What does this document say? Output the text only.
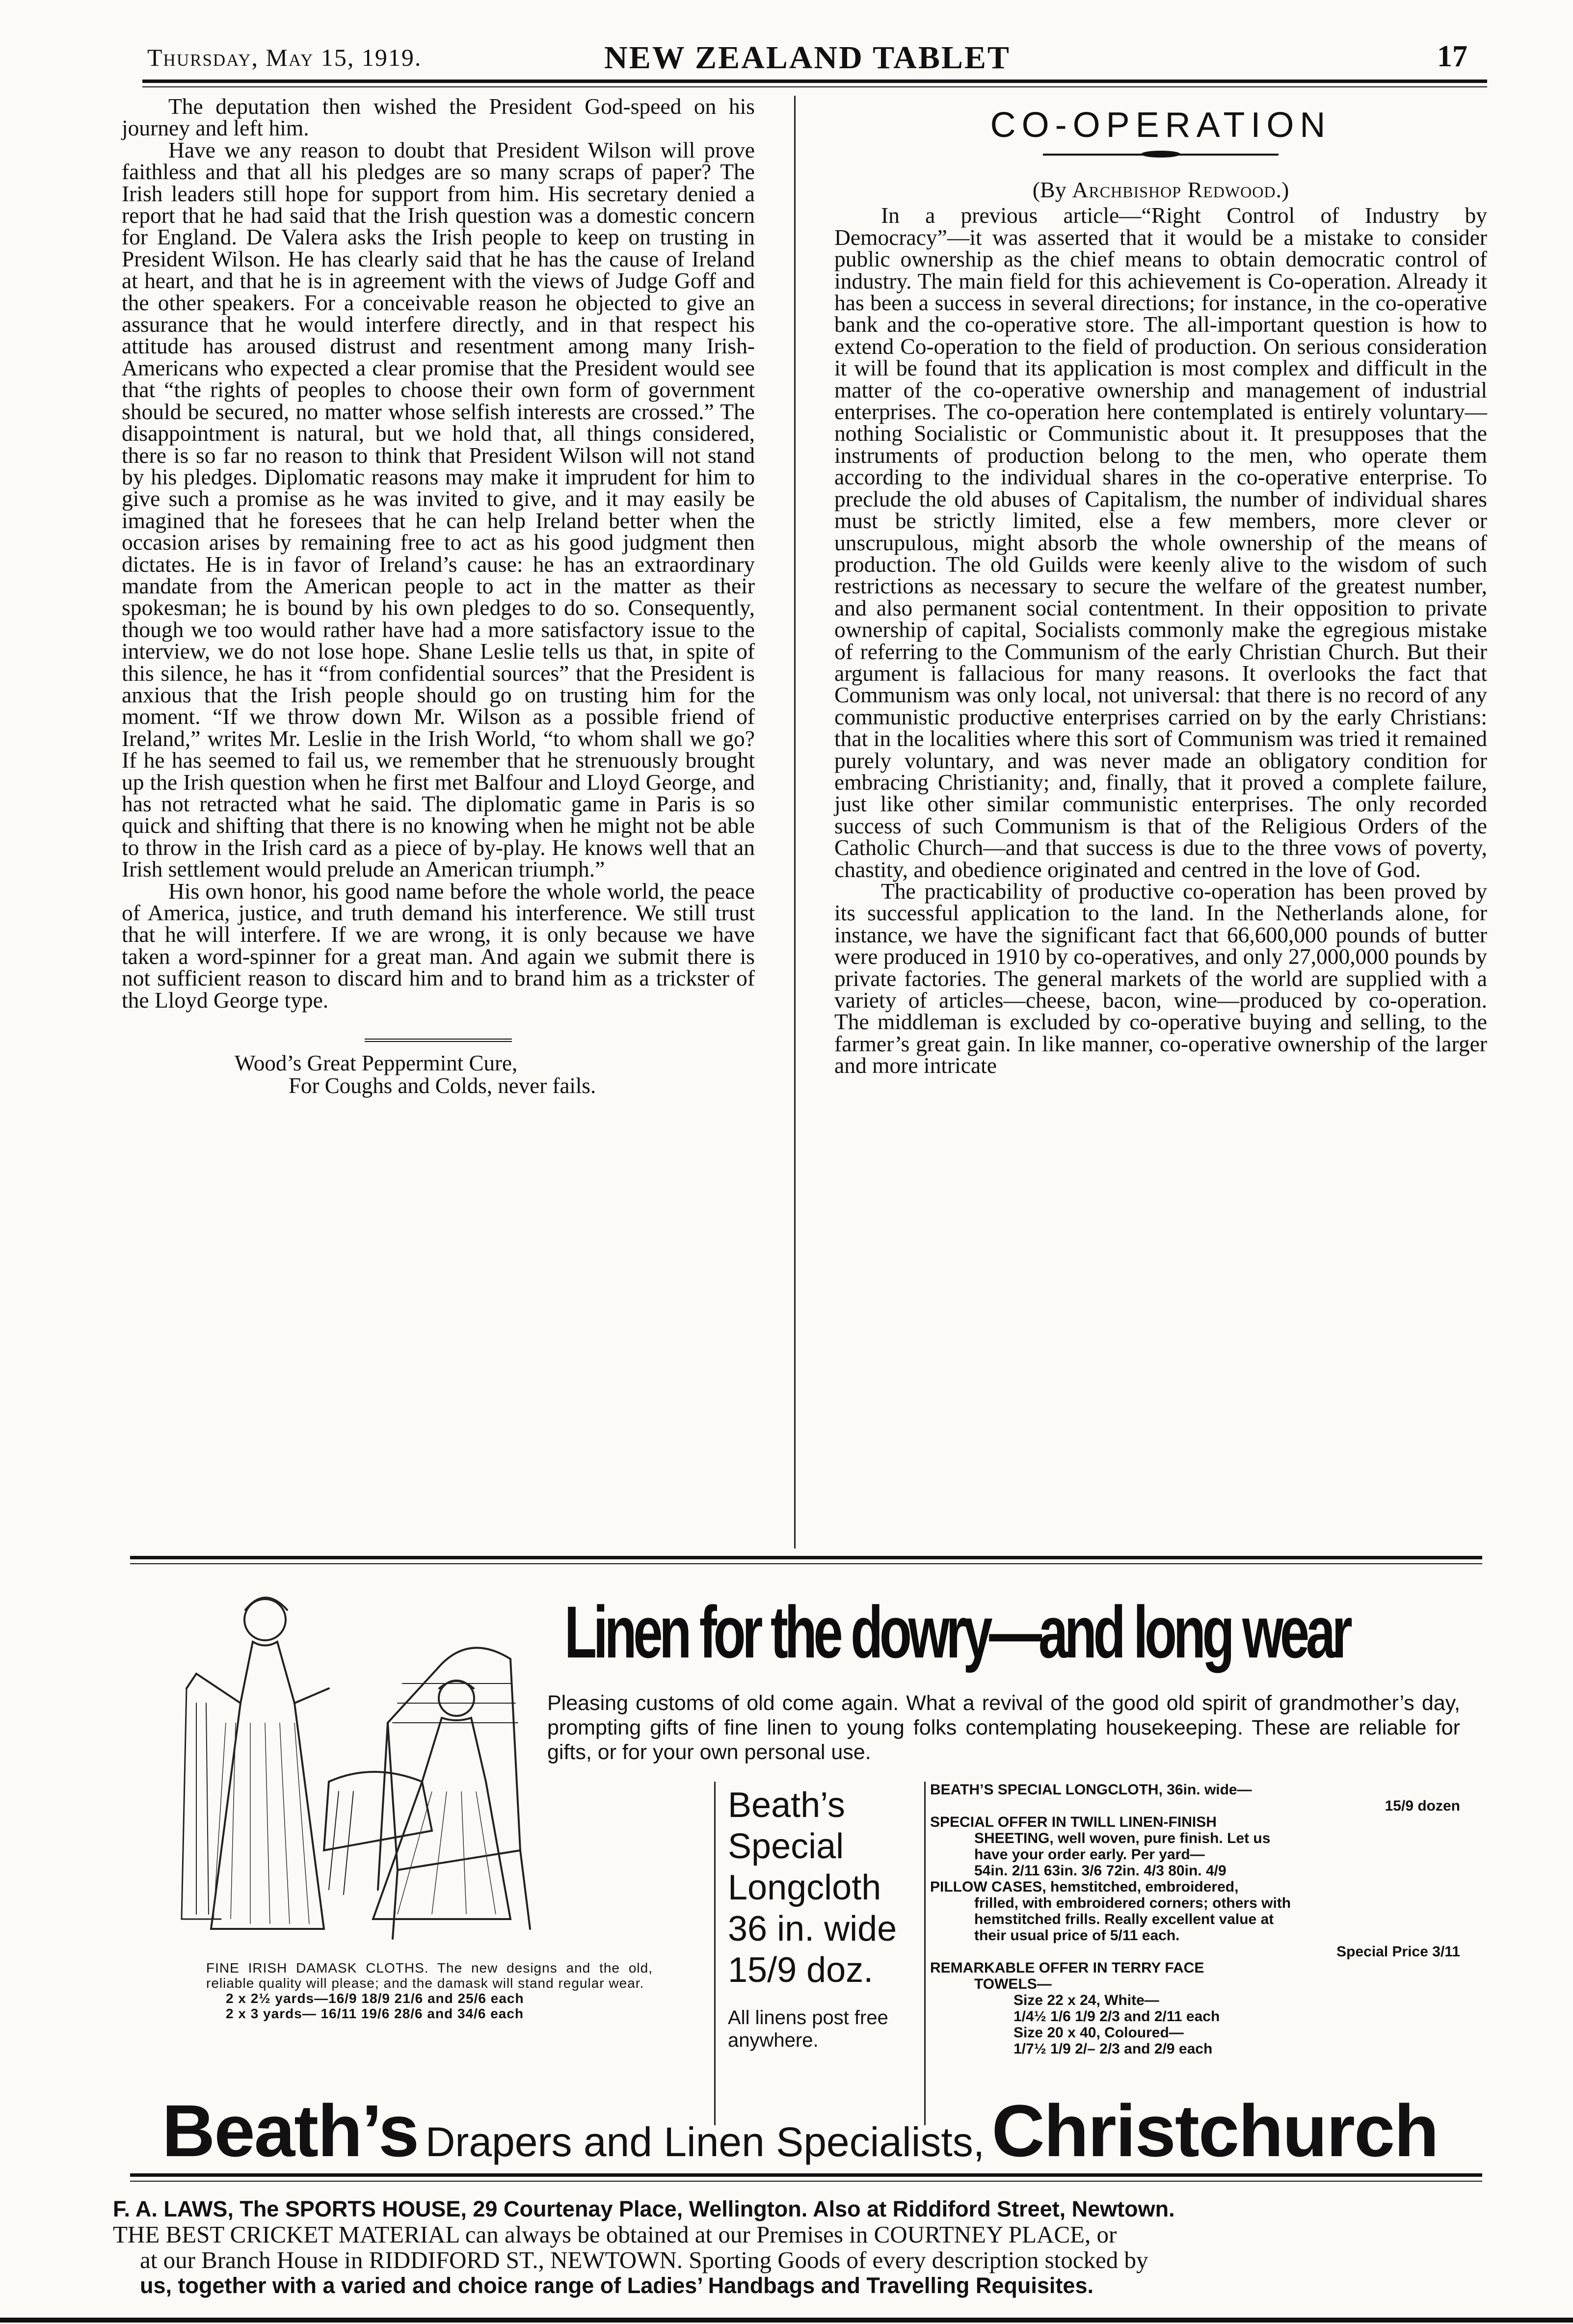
Thursday, May 15, 1919.	NEW ZEALAND TABLET	17

The deputation then wished the President God-speed on his journey and left him.

Have we any reason to doubt that President Wilson will prove faithless and that all his pledges are so many scraps of paper? The Irish leaders still hope for support from him. His secretary denied a report that he had said that the Irish question was a domestic concern for England. De Valera asks the Irish people to keep on trusting in President Wilson. He has clearly said that he has the cause of Ireland at heart, and that he is in agreement with the views of Judge Goff and the other speakers. For a conceivable reason he objected to give an assurance that he would interfere directly, and in that respect his attitude has aroused distrust and resentment among many Irish-Americans who expected a clear promise that the President would see that “the rights of peoples to choose their own form of government should be secured, no matter whose selfish interests are crossed.” The disappointment is natural, but we hold that, all things considered, there is so far no reason to think that President Wilson will not stand by his pledges. Diplomatic reasons may make it imprudent for him to give such a promise as he was invited to give, and it may easily be imagined that he foresees that he can help Ireland better when the occasion arises by remaining free to act as his good judgment then dictates. He is in favor of Ireland’s cause: he has an extraordinary mandate from the American people to act in the matter as their spokesman; he is bound by his own pledges to do so. Consequently, though we too would rather have had a more satisfactory issue to the interview, we do not lose hope. Shane Leslie tells us that, in spite of this silence, he has it “from confidential sources” that the President is anxious that the Irish people should go on trusting him for the moment. “If we throw down Mr. Wilson as a possible friend of Ireland,” writes Mr. Leslie in the Irish World, “to whom shall we go? If he has seemed to fail us, we remember that he strenuously brought up the Irish question when he first met Balfour and Lloyd George, and has not retracted what he said. The diplomatic game in Paris is so quick and shifting that there is no knowing when he might not be able to throw in the Irish card as a piece of by-play. He knows well that an Irish settlement would prelude an American triumph.”

His own honor, his good name before the whole world, the peace of America, justice, and truth demand his interference. We still trust that he will interfere. If we are wrong, it is only because we have taken a word-spinner for a great man. And again we submit there is not sufficient reason to discard him and to brand him as a trickster of the Lloyd George type.

Wood’s Great Peppermint Cure,
For Coughs and Colds, never fails.
CO-OPERATION
(By Archbishop Redwood.)

In a previous article—“Right Control of Industry by Democracy”—it was asserted that it would be a mistake to consider public ownership as the chief means to obtain democratic control of industry. The main field for this achievement is Co-operation. Already it has been a success in several directions; for instance, in the co-operative bank and the co-operative store. The all-important question is how to extend Co-operation to the field of production. On serious consideration it will be found that its application is most complex and difficult in the matter of the co-operative ownership and management of industrial enterprises. The co-operation here contemplated is entirely voluntary—nothing Socialistic or Communistic about it. It presupposes that the instruments of production belong to the men, who operate them according to the individual shares in the co-operative enterprise. To preclude the old abuses of Capitalism, the number of individual shares must be strictly limited, else a few members, more clever or unscrupulous, might absorb the whole ownership of the means of production. The old Guilds were keenly alive to the wisdom of such restrictions as necessary to secure the welfare of the greatest number, and also permanent social contentment. In their opposition to private ownership of capital, Socialists commonly make the egregious mistake of referring to the Communism of the early Christian Church. But their argument is fallacious for many reasons. It overlooks the fact that Communism was only local, not universal: that there is no record of any communistic productive enterprises carried on by the early Christians: that in the localities where this sort of Communism was tried it remained purely voluntary, and was never made an obligatory condition for embracing Christianity; and, finally, that it proved a complete failure, just like other similar communistic enterprises. The only recorded success of such Communism is that of the Religious Orders of the Catholic Church—and that success is due to the three vows of poverty, chastity, and obedience originated and centred in the love of God.

The practicability of productive co-operation has been proved by its successful application to the land. In the Netherlands alone, for instance, we have the significant fact that 66,600,000 pounds of butter were produced in 1910 by co-operatives, and only 27,000,000 pounds by private factories. The general markets of the world are supplied with a variety of articles—cheese, bacon, wine—produced by co-operation. The middleman is excluded by co-operative buying and selling, to the farmer’s great gain. In like manner, co-operative ownership of the larger and more intricate

Linen for the dowry—and long wear
Pleasing customs of old come again. What a revival of the good old spirit of grandmother’s day, prompting gifts of fine linen to young folks contemplating housekeeping. These are reliable for gifts, or for your own personal use.
Beath’s
Special
Longcloth
36 in. wide
15/9 doz.
All linens post free anywhere.
BEATH’S SPECIAL LONGCLOTH, 36in. wide—
15/9 dozen
SPECIAL OFFER IN TWILL LINEN-FINISH
SHEETING, well woven, pure finish. Let us
have your order early. Per yard—
54in. 2/11 63in. 3/6 72in. 4/3 80in. 4/9
PILLOW CASES, hemstitched, embroidered,
frilled, with embroidered corners; others with
hemstitched frills. Really excellent value at
their usual price of 5/11 each.
Special Price 3/11
REMARKABLE OFFER IN TERRY FACE
TOWELS—
Size 22 x 24, White—
1/4½ 1/6 1/9 2/3 and 2/11 each
Size 20 x 40, Coloured—
1/7½ 1/9 2/– 2/3 and 2/9 each
FINE IRISH DAMASK CLOTHS. The new designs and the old, reliable quality will please; and the damask will stand regular wear.
2 x 2½ yards—16/9 18/9 21/6 and 25/6 each
2 x 3 yards— 16/11 19/6 28/6 and 34/6 each
Beath’s Drapers and Linen Specialists, Christchurch
F. A. LAWS, The SPORTS HOUSE, 29 Courtenay Place, Wellington. Also at Riddiford Street, Newtown.
THE BEST CRICKET MATERIAL can always be obtained at our Premises in COURTNEY PLACE, or
at our Branch House in RIDDIFORD ST., NEWTOWN. Sporting Goods of every description stocked by
us, together with a varied and choice range of Ladies’ Handbags and Travelling Requisites.
